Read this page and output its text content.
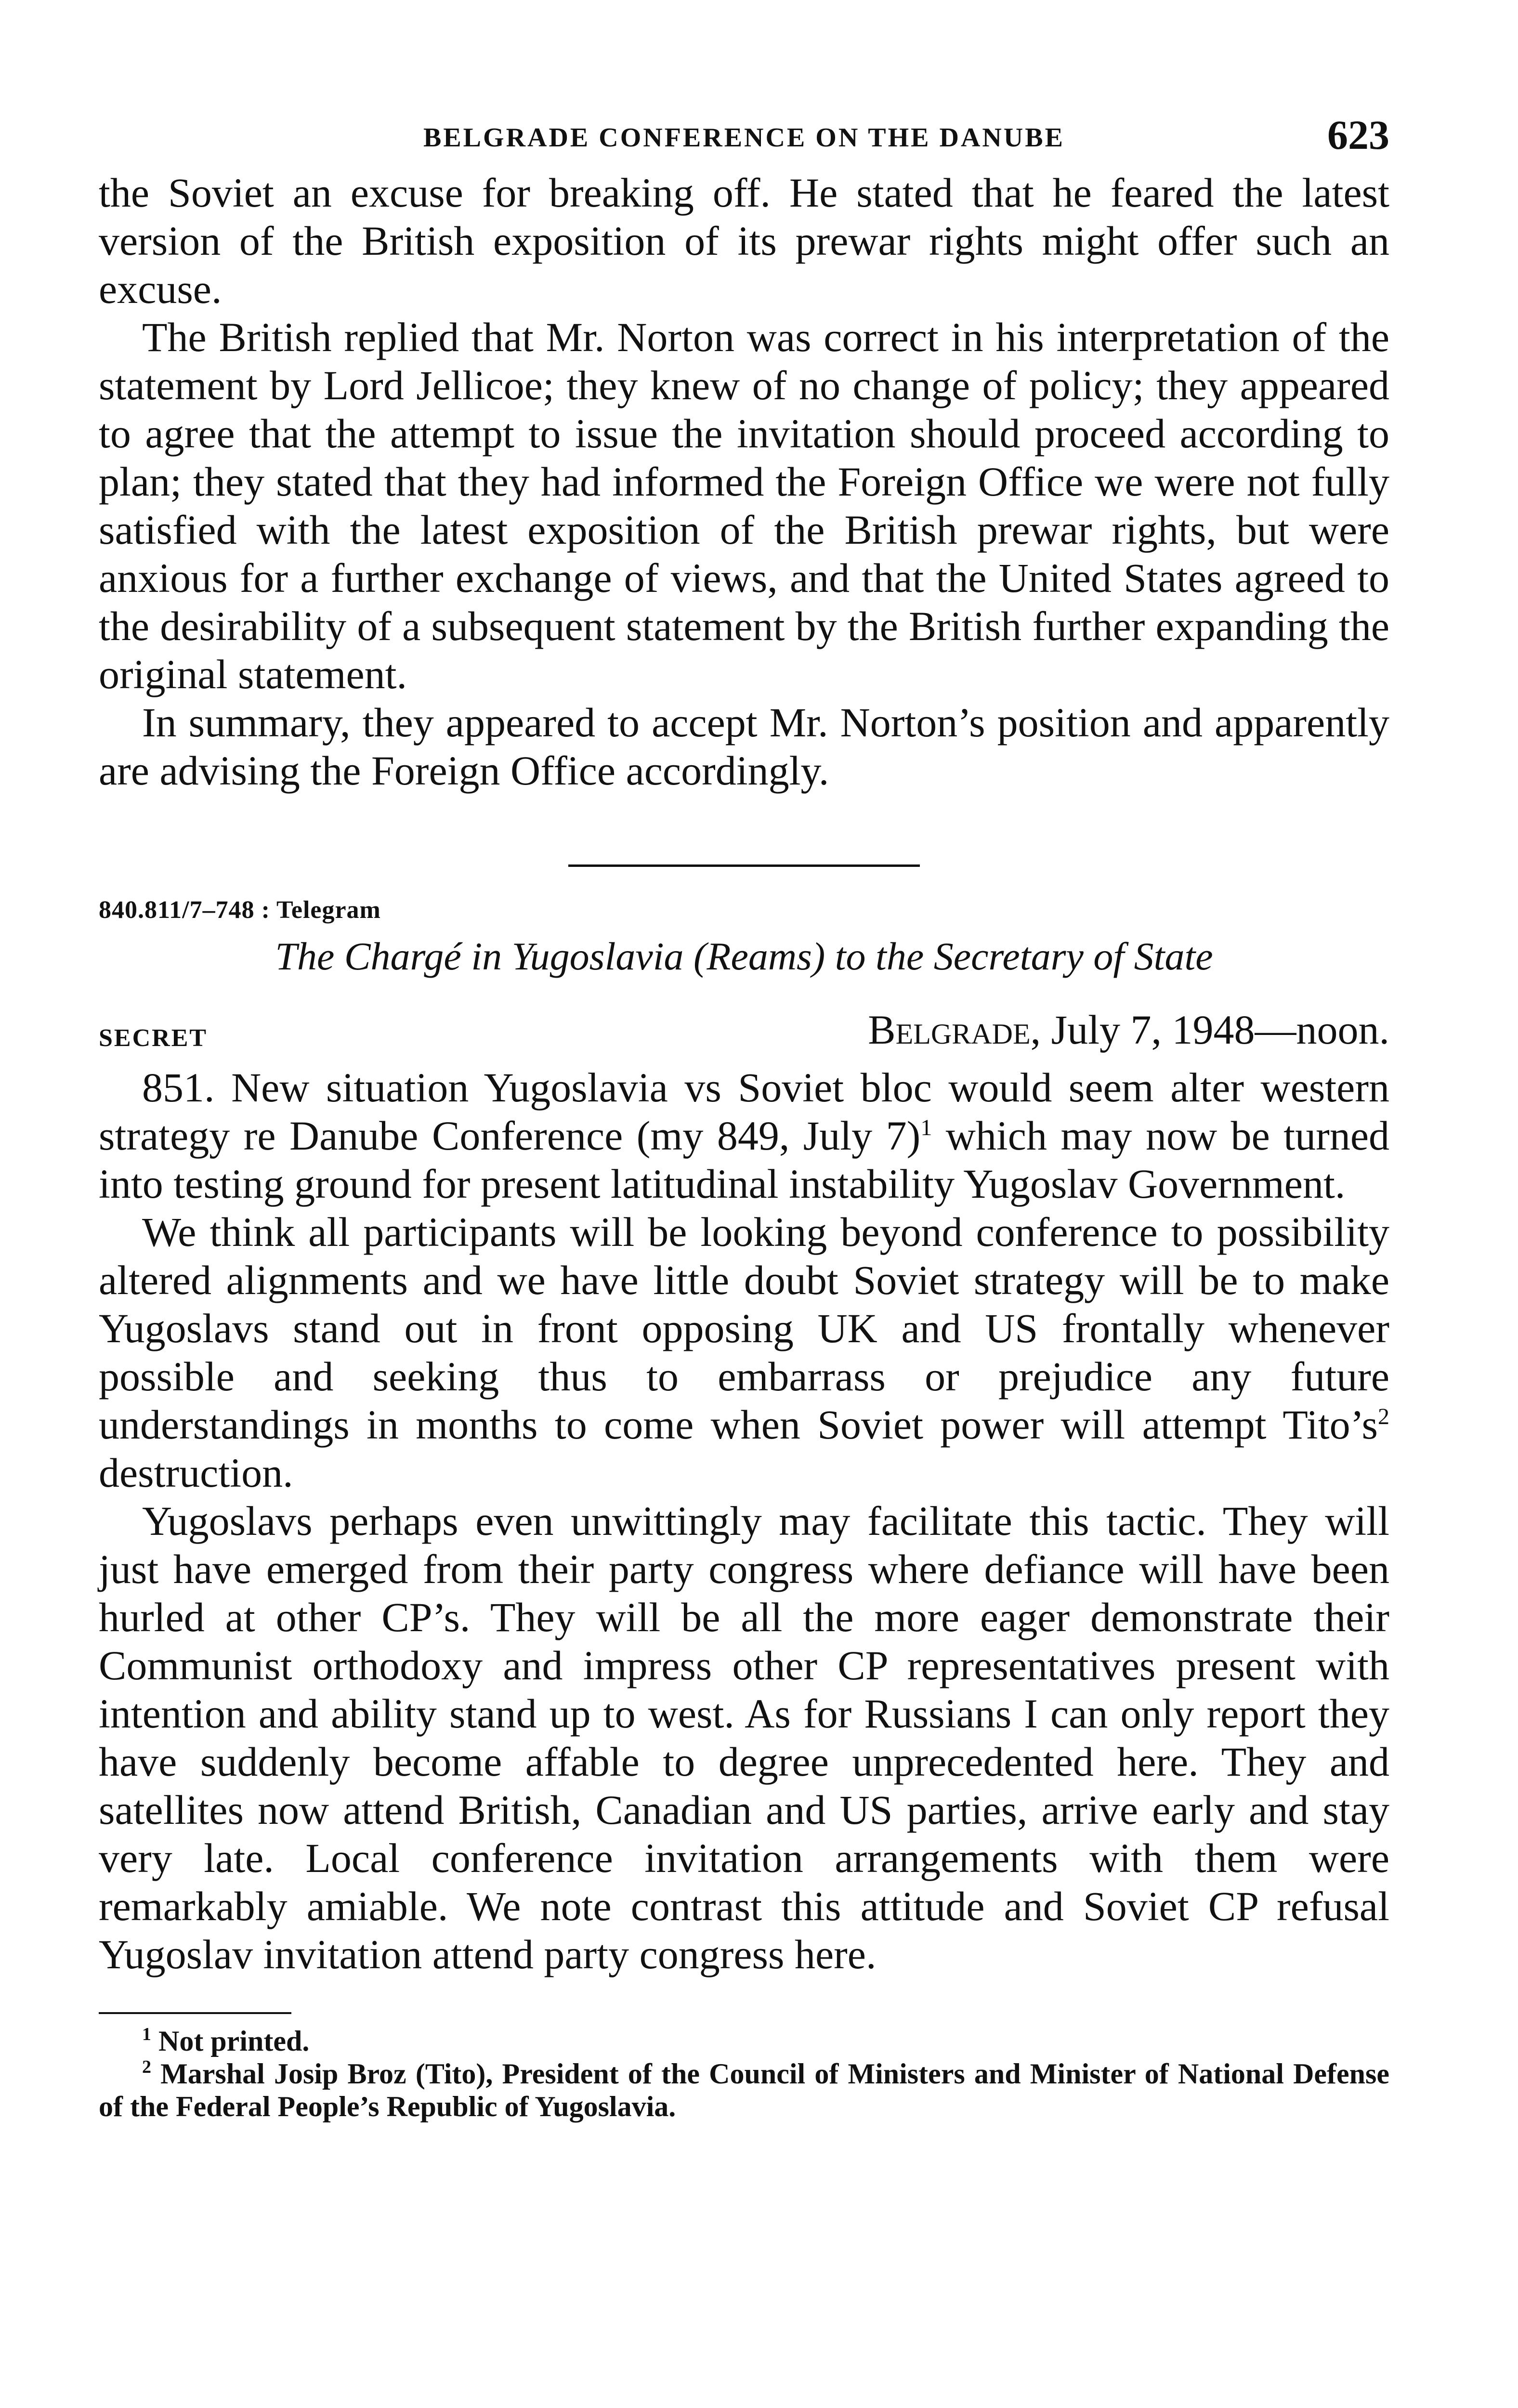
BELGRADE CONFERENCE ON THE DANUBE	623

the Soviet an excuse for breaking off. He stated that he feared the latest version of the British exposition of its prewar rights might offer such an excuse.

The British replied that Mr. Norton was correct in his interpretation of the statement by Lord Jellicoe; they knew of no change of policy; they appeared to agree that the attempt to issue the invitation should proceed according to plan; they stated that they had informed the Foreign Office we were not fully satisfied with the latest exposition of the British prewar rights, but were anxious for a further exchange of views, and that the United States agreed to the desirability of a subsequent statement by the British further expanding the original statement.

In summary, they appeared to accept Mr. Norton’s position and apparently are advising the Foreign Office accordingly.

840.811/7–748 : Telegram
The Chargé in Yugoslavia (Reams) to the Secretary of State
SECRET	Belgrade, July 7, 1948—noon.

851. New situation Yugoslavia vs Soviet bloc would seem alter western strategy re Danube Conference (my 849, July 7)$^1$ which may now be turned into testing ground for present latitudinal instability Yugoslav Government.

We think all participants will be looking beyond conference to possibility altered alignments and we have little doubt Soviet strategy will be to make Yugoslavs stand out in front opposing UK and US frontally whenever possible and seeking thus to embarrass or prejudice any future understandings in months to come when Soviet power will attempt $Tito’s^2$ destruction.

Yugoslavs perhaps even unwittingly may facilitate this tactic. They will just have emerged from their party congress where defiance will have been hurled at other CP’s. They will be all the more eager demonstrate their Communist orthodoxy and impress other CP representatives present with intention and ability stand up to west. As for Russians I can only report they have suddenly become affable to degree unprecedented here. They and satellites now attend British, Canadian and US parties, arrive early and stay very late. Local conference invitation arrangements with them were remarkably amiable. We note contrast this attitude and Soviet CP refusal Yugoslav invitation attend party congress here.

$^1$ Not printed.

$^2$ Marshal Josip Broz (Tito), President of the Council of Ministers and Minister of National Defense of the Federal People’s Republic of Yugoslavia.
